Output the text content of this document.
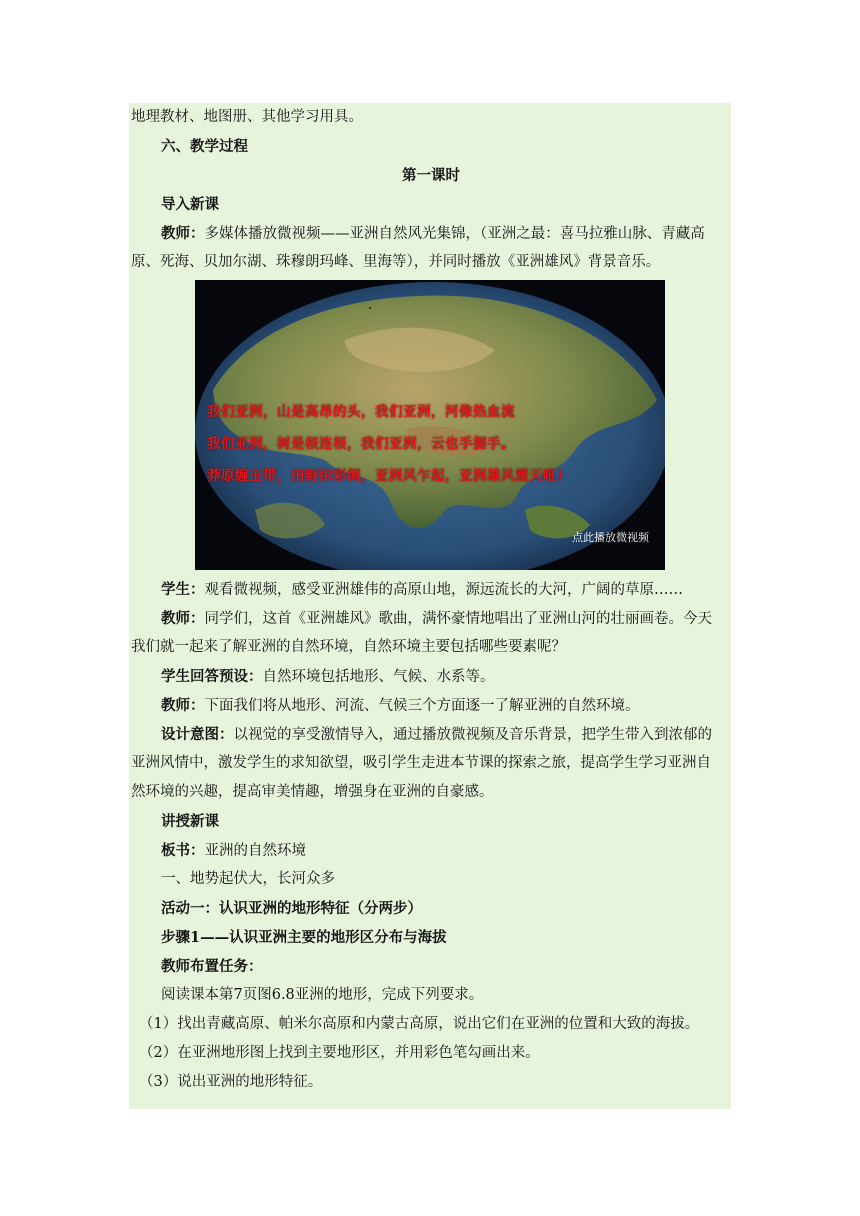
地理教材、地图册、其他学习用具。
六、教学过程
第一课时
导入新课
教师：多媒体播放微视频——亚洲自然风光集锦，（亚洲之最：喜马拉雅山脉、青藏高
原、死海、贝加尔湖、珠穆朗玛峰、里海等），并同时播放《亚洲雄风》背景音乐。
我们亚洲，山是高昂的头，我们亚洲，河像热血流
我们亚洲，树是根连根，我们亚洲，云也手握手。
莽原缠玉带，田野织彩绸，亚洲风乍起，亚洲雄风震天吼！
点此播放微视频
学生：观看微视频，感受亚洲雄伟的高原山地，源远流长的大河，广阔的草原……
教师：同学们，这首《亚洲雄风》歌曲，满怀豪情地唱出了亚洲山河的壮丽画卷。今天
我们就一起来了解亚洲的自然环境，自然环境主要包括哪些要素呢？
学生回答预设：自然环境包括地形、气候、水系等。
教师：下面我们将从地形、河流、气候三个方面逐一了解亚洲的自然环境。
设计意图：以视觉的享受激情导入，通过播放微视频及音乐背景，把学生带入到浓郁的
亚洲风情中，激发学生的求知欲望，吸引学生走进本节课的探索之旅，提高学生学习亚洲自
然环境的兴趣，提高审美情趣，增强身在亚洲的自豪感。
讲授新课
板书：亚洲的自然环境
一、地势起伏大，长河众多
活动一：认识亚洲的地形特征（分两步）
步骤1——认识亚洲主要的地形区分布与海拔
教师布置任务：
阅读课本第7页图6.8亚洲的地形，完成下列要求。
（1）找出青藏高原、帕米尔高原和内蒙古高原，说出它们在亚洲的位置和大致的海拔。
（2）在亚洲地形图上找到主要地形区，并用彩色笔勾画出来。
（3）说出亚洲的地形特征。
